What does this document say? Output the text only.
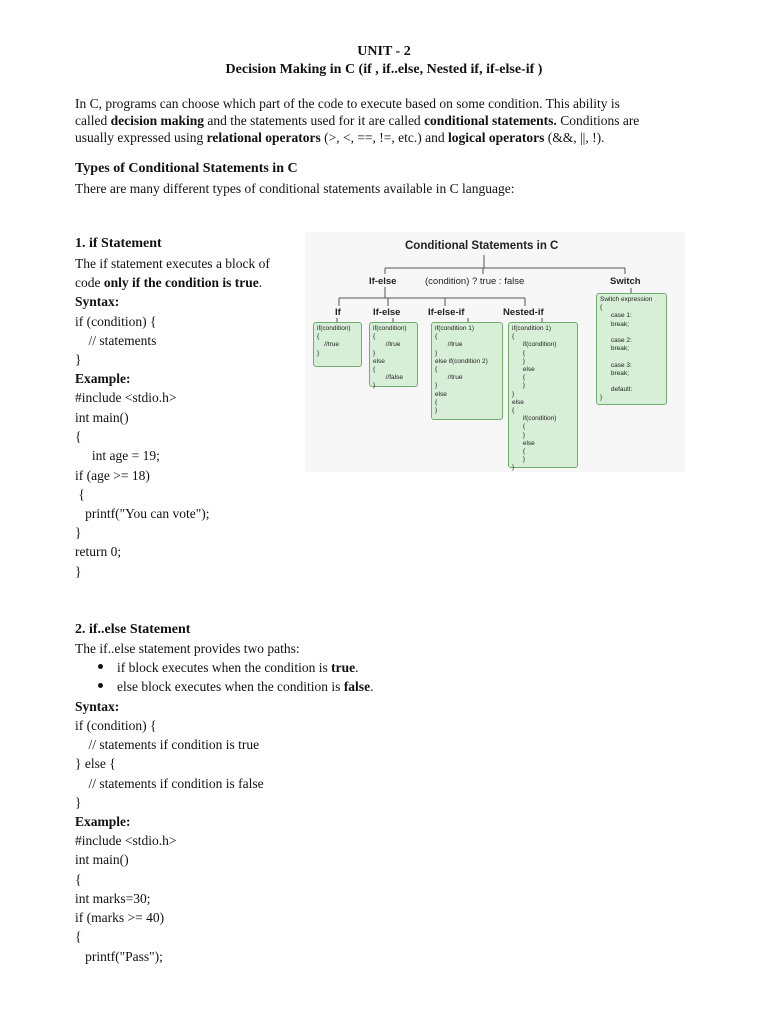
UNIT - 2
Decision Making in C (if , if..else, Nested if, if-else-if )
In C, programs can choose which part of the code to execute based on some condition. This ability is
called decision making and the statements used for it are called conditional statements. Conditions are
usually expressed using relational operators (>, <, ==, !=, etc.) and logical operators (&&, ||, !).
Types of Conditional Statements in C
There are many different types of conditional statements available in C language:
1. if Statement
The if statement executes a block of
code only if the condition is true.
Syntax:
if (condition) {
// statements
}
Example:
#include <stdio.h>
int main()
{
int age = 19;
if (age >= 18)
{
printf("You can vote");
}
return 0;
}
Conditional Statements in C
If-else	(condition) ? true : false	Switch
If	If-else	If-else-if	Nested-if
if(condition)
{
//true
}
if(condition)
{
//true
}
else
{
//false
}
if(condition 1)
{
//true
}
else if(condition 2)
{
//true
}
else
{
}
if(condition 1)
{
if(condition)
{
}
else
{
}
}
else
{
if(condition)
{
}
else
{
}
}
Switch expression
{
case 1:
break;

case 2:
break;

case 3:
break;

default:
}
2. if..else Statement
The if..else statement provides two paths:
if block executes when the condition is true.
else block executes when the condition is false.
Syntax:
if (condition) {
// statements if condition is true
} else {
// statements if condition is false
}
Example:
#include <stdio.h>
int main()
{
int marks=30;
if (marks >= 40)
{
printf("Pass");
